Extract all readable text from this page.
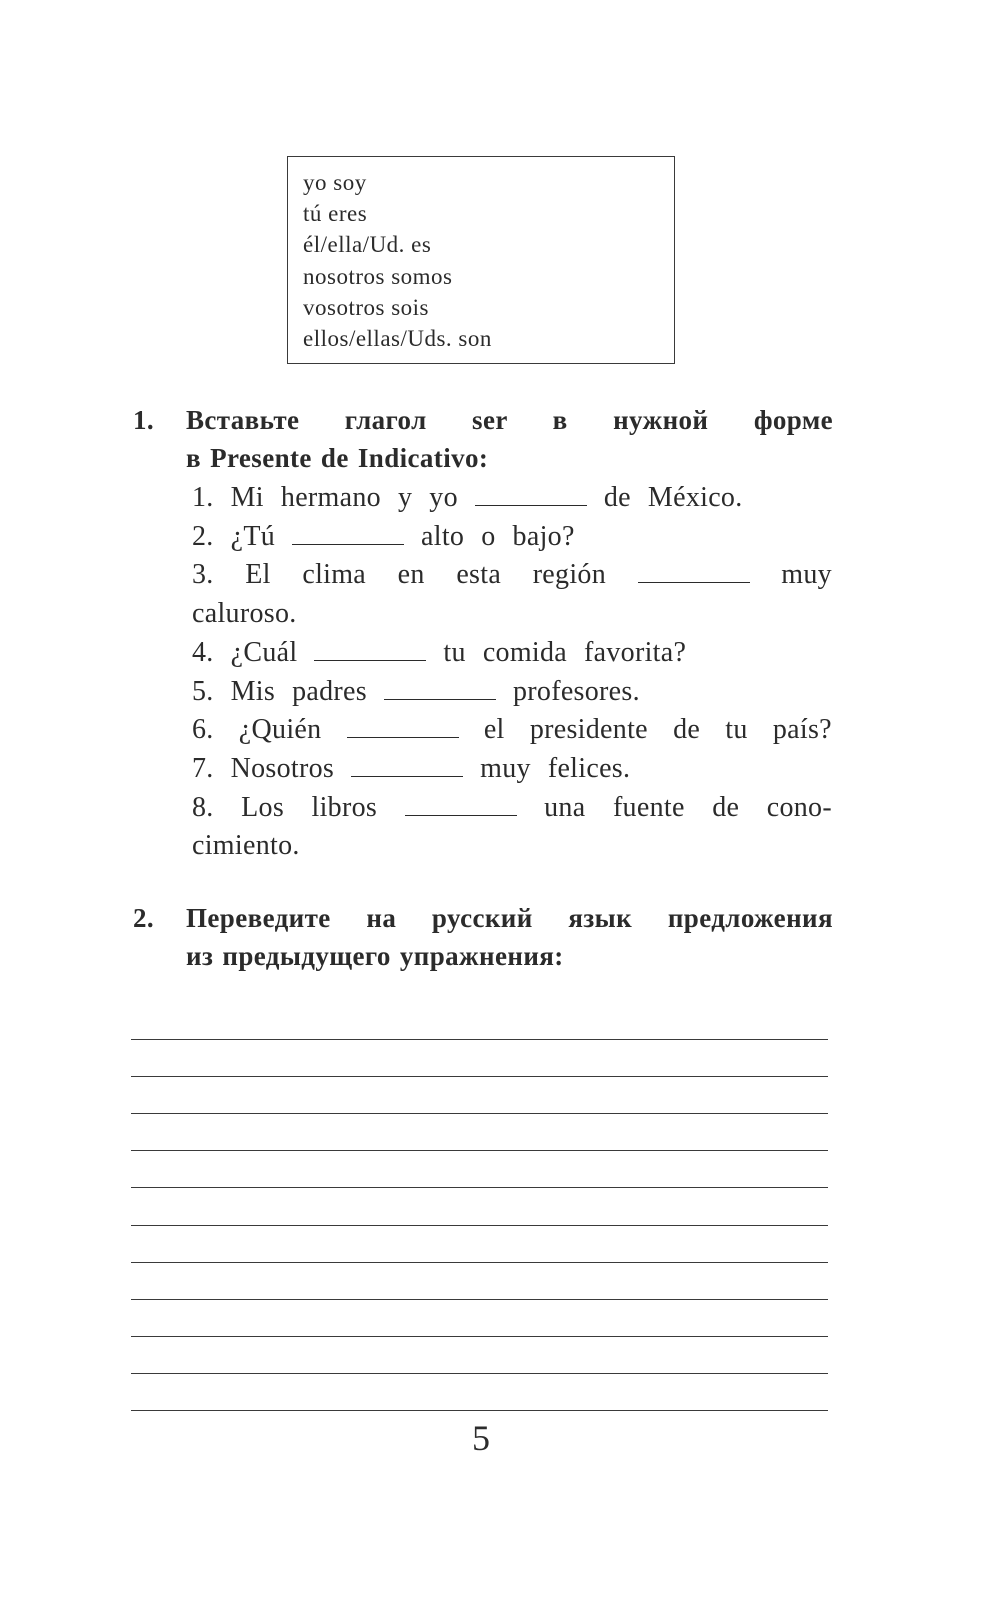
yo soy
tú eres
él/ella/Ud. es
nosotros somos
vosotros sois
ellos/ellas/Uds. son
1. Вставьте глагол ser в нужной форме
в Presente de Indicativo:
1. Mi hermano y yo	de México.
2. ¿Tú	alto o bajo?
3. El clima en esta región	muy
caluroso.
4. ¿Cuál	tu comida favorita?
5. Mis padres	profesores.
6. ¿Quién	el presidente de tu país?
7. Nosotros	muy felices.
8. Los libros	una fuente de cono-
cimiento.
2. Переведите на русский язык предложения
из предыдущего упражнения:
5
